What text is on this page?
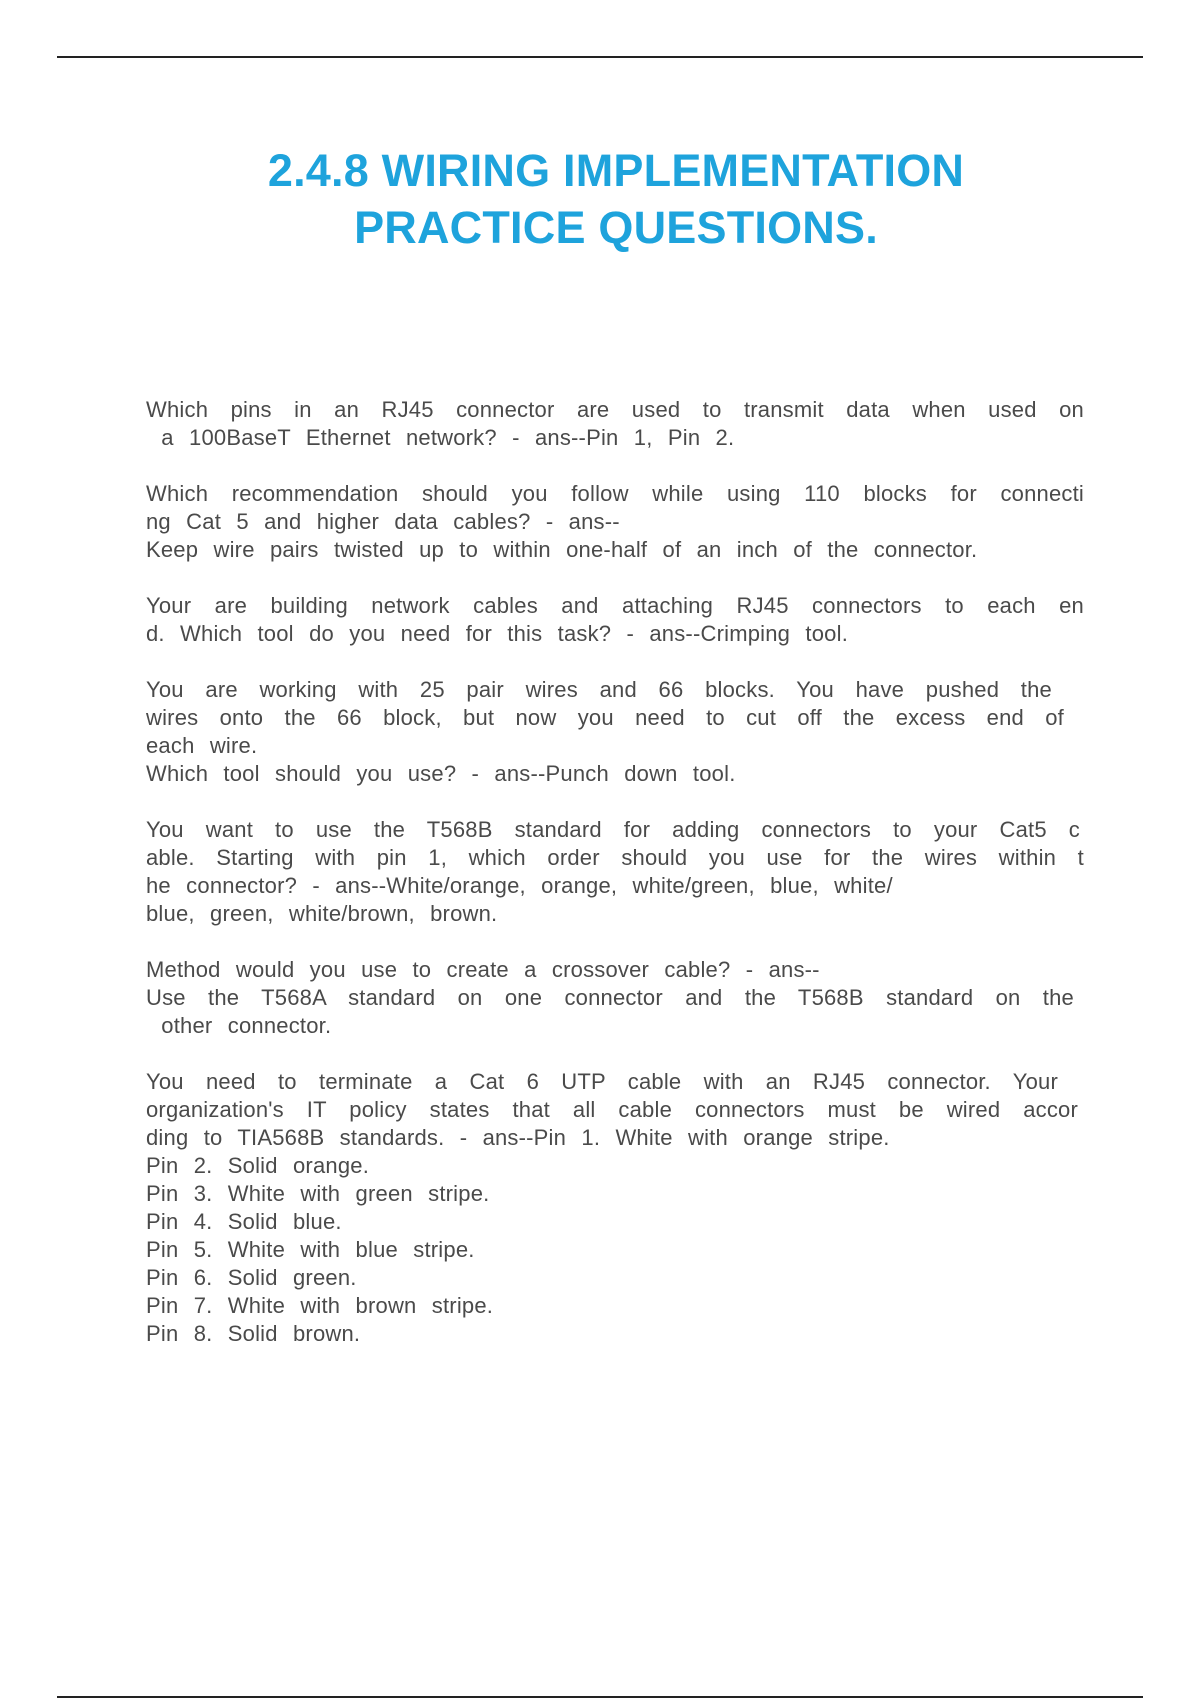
2.4.8 WIRING IMPLEMENTATION
PRACTICE QUESTIONS.
Which pins in an RJ45 connector are used to transmit data when used on
a 100BaseT Ethernet network? - ans--Pin 1, Pin 2.
Which recommendation should you follow while using 110 blocks for connecti
ng Cat 5 and higher data cables? - ans--
Keep wire pairs twisted up to within one-half of an inch of the connector.
Your are building network cables and attaching RJ45 connectors to each en
d. Which tool do you need for this task? - ans--Crimping tool.
You are working with 25 pair wires and 66 blocks. You have pushed the
wires onto the 66 block, but now you need to cut off the excess end of
each wire.
Which tool should you use? - ans--Punch down tool.
You want to use the T568B standard for adding connectors to your Cat5 c
able. Starting with pin 1, which order should you use for the wires within t
he connector? - ans--White/orange, orange, white/green, blue, white/
blue, green, white/brown, brown.
Method would you use to create a crossover cable? - ans--
Use the T568A standard on one connector and the T568B standard on the
other connector.
You need to terminate a Cat 6 UTP cable with an RJ45 connector. Your
organization's IT policy states that all cable connectors must be wired accor
ding to TIA568B standards. - ans--Pin 1. White with orange stripe.
Pin 2. Solid orange.
Pin 3. White with green stripe.
Pin 4. Solid blue.
Pin 5. White with blue stripe.
Pin 6. Solid green.
Pin 7. White with brown stripe.
Pin 8. Solid brown.
